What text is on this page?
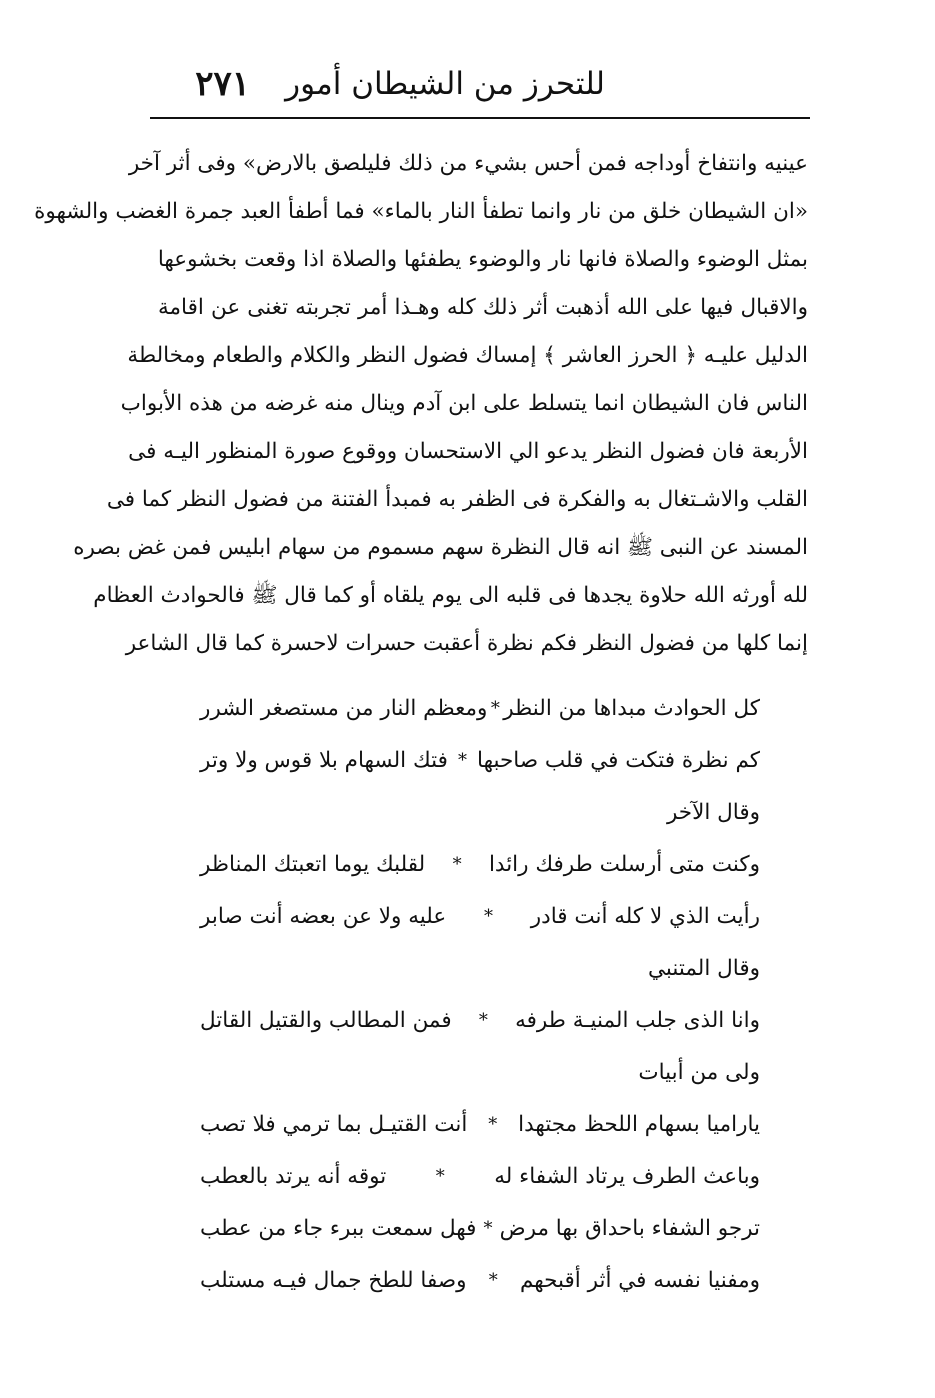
للتحرز من الشيطان أمور
٢٧١
عينيه وانتفاخ أوداجه فمن أحس بشيء من ذلك فليلصق بالارض» وفى أثر آخر
«ان الشيطان خلق من نار وانما تطفأ النار بالماء» فما أطفأ العبد جمرة الغضب والشهوة
بمثل الوضوء والصلاة فانها نار والوضوء يطفئها والصلاة اذا وقعت بخشوعها
والاقبال فيها على الله أذهبت أثر ذلك كله وهـذا أمر تجربته تغنى عن اقامة
الدليل عليـه ﴿ الحرز العاشر ﴾ إمساك فضول النظر والكلام والطعام ومخالطة
الناس فان الشيطان انما يتسلط على ابن آدم وينال منه غرضه من هذه الأبواب
الأربعة فان فضول النظر يدعو الي الاستحسان ووقوع صورة المنظور اليـه فى
القلب والاشـتغال به والفكرة فى الظفر به فمبدأ الفتنة من فضول النظر كما فى
المسند عن النبى ﷺ انه قال النظرة سهم مسموم من سهام ابليس فمن غض بصره
لله أورثه الله حلاوة يجدها فى قلبه الى يوم يلقاه أو كما قال ﷺ فالحوادث العظام
إنما كلها من فضول النظر فكم نظرة أعقبت حسرات لاحسرة كما قال الشاعر
كل الحوادث مبداها من النظر
*
ومعظم النار من مستصغر الشرر
كم نظرة فتكت في قلب صاحبها
*
فتك السهام بلا قوس ولا وتر
وقال الآخر
وكنت متى أرسلت طرفك رائدا
*
لقلبك يوما اتعبتك المناظر
رأيت الذي لا كله أنت قادر
*
عليه ولا عن بعضه أنت صابر
وقال المتنبي
وانا الذى جلب المنيـة طرفه
*
فمن المطالب والقتيل القاتل
ولى من أبيات
ياراميا بسهام اللحظ مجتهدا
*
أنت القتيـل بما ترمي فلا تصب
وباعث الطرف يرتاد الشفاء له
*
توقه أنه يرتد بالعطب
ترجو الشفاء باحداق بها مرض
*
فهل سمعت ببرء جاء من عطب
ومفنيا نفسه في أثر أقبحهم
*
وصفا للطخ جمال فيـه مستلب
